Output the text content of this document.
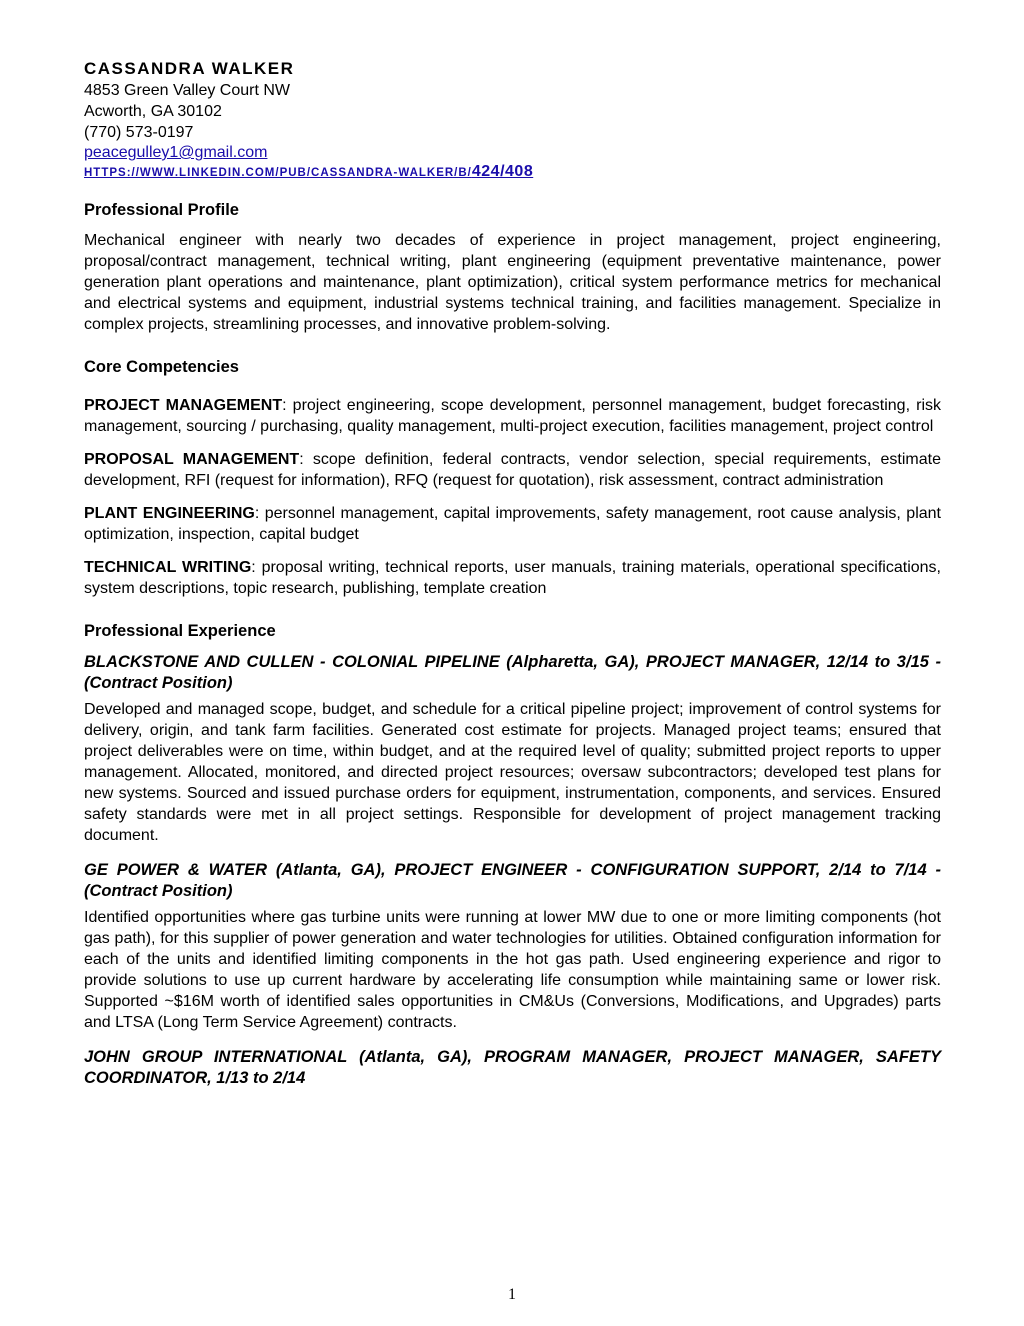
CASSANDRA WALKER

4853 Green Valley Court NW

Acworth, GA 30102

(770) 573-0197

peacegulley1@gmail.com
HTTPS://WWW.LINKEDIN.COM/PUB/CASSANDRA-WALKER/B/424/408

Professional Profile

Mechanical engineer with nearly two decades of experience in project management, project engineering, proposal/contract management, technical writing, plant engineering (equipment preventative maintenance, power generation plant operations and maintenance, plant optimization), critical system performance metrics for mechanical and electrical systems and equipment, industrial systems technical training, and facilities management. Specialize in complex projects, streamlining processes, and innovative problem-solving.

Core Competencies

PROJECT MANAGEMENT: project engineering, scope development, personnel management, budget forecasting, risk management, sourcing / purchasing, quality management, multi-project execution, facilities management, project control

PROPOSAL MANAGEMENT: scope definition, federal contracts, vendor selection, special requirements, estimate development, RFI (request for information), RFQ (request for quotation), risk assessment, contract administration

PLANT ENGINEERING: personnel management, capital improvements, safety management, root cause analysis, plant optimization, inspection, capital budget

TECHNICAL WRITING: proposal writing, technical reports, user manuals, training materials, operational specifications, system descriptions, topic research, publishing, template creation

Professional Experience

BLACKSTONE AND CULLEN - COLONIAL PIPELINE (Alpharetta, GA), PROJECT MANAGER, 12/14 to 3/15 - (Contract Position)

Developed and managed scope, budget, and schedule for a critical pipeline project; improvement of control systems for delivery, origin, and tank farm facilities. Generated cost estimate for projects. Managed project teams; ensured that project deliverables were on time, within budget, and at the required level of quality; submitted project reports to upper management. Allocated, monitored, and directed project resources; oversaw subcontractors; developed test plans for new systems. Sourced and issued purchase orders for equipment, instrumentation, components, and services. Ensured safety standards were met in all project settings. Responsible for development of project management tracking document.

GE POWER & WATER (Atlanta, GA), PROJECT ENGINEER - CONFIGURATION SUPPORT, 2/14 to 7/14 - (Contract Position)

Identified opportunities where gas turbine units were running at lower MW due to one or more limiting components (hot gas path), for this supplier of power generation and water technologies for utilities. Obtained configuration information for each of the units and identified limiting components in the hot gas path. Used engineering experience and rigor to provide solutions to use up current hardware by accelerating life consumption while maintaining same or lower risk. Supported ~$16M worth of identified sales opportunities in CM&Us (Conversions, Modifications, and Upgrades) parts and LTSA (Long Term Service Agreement) contracts.

JOHN GROUP INTERNATIONAL (Atlanta, GA), PROGRAM MANAGER, PROJECT MANAGER, SAFETY COORDINATOR, 1/13 to 2/14

1
